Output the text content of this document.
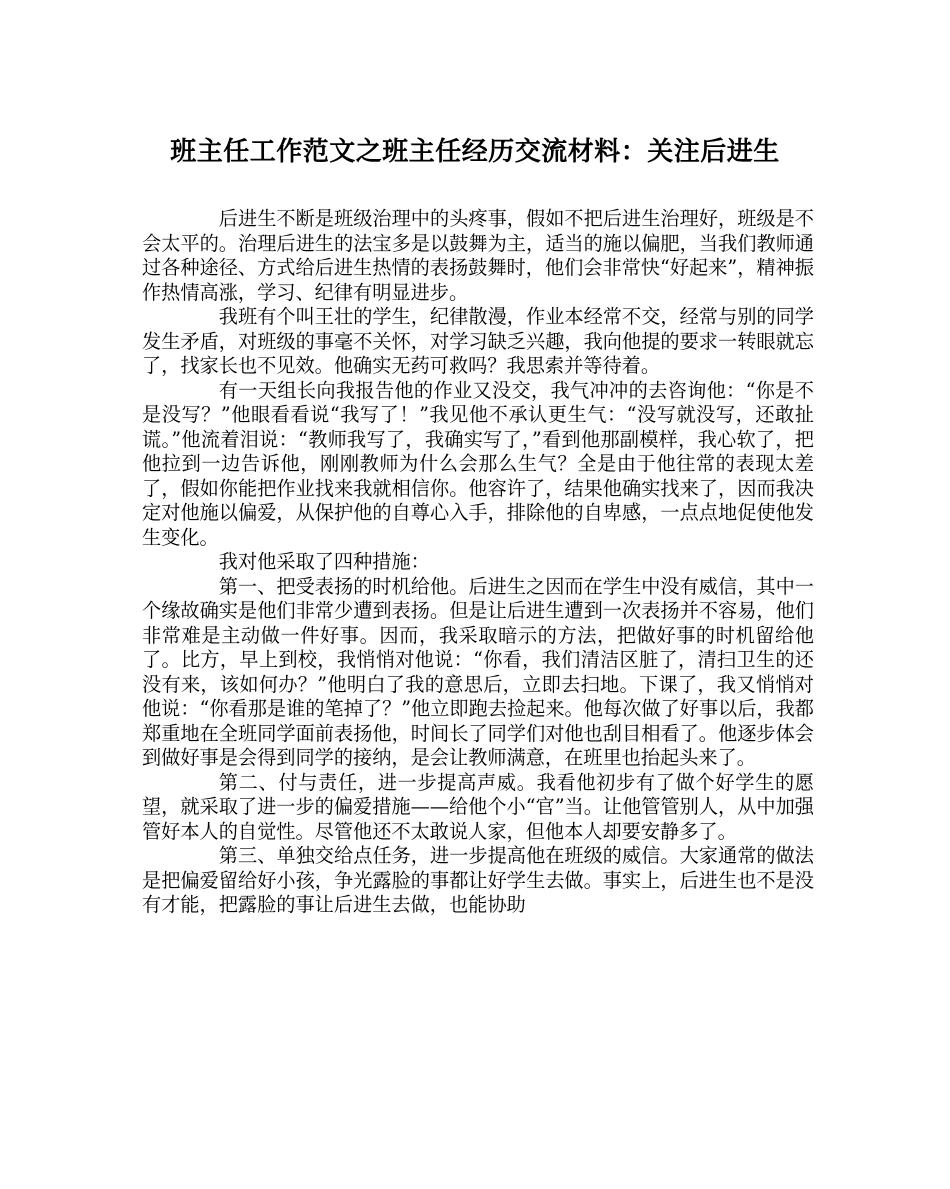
班主任工作范文之班主任经历交流材料：关注后进生

后进生不断是班级治理中的头疼事，假如不把后进生治理好，班级是不会太平的。治理后进生的法宝多是以鼓舞为主，适当的施以偏肥，当我们教师通过各种途径、方式给后进生热情的表扬鼓舞时，他们会非常快“好起来”，精神振作热情高涨，学习、纪律有明显进步。

我班有个叫王壮的学生，纪律散漫，作业本经常不交，经常与别的同学发生矛盾，对班级的事毫不关怀，对学习缺乏兴趣，我向他提的要求一转眼就忘了，找家长也不见效。他确实无药可救吗？我思索并等待着。

有一天组长向我报告他的作业又没交，我气冲冲的去咨询他：“你是不是没写？”他眼看看说“我写了！”我见他不承认更生气：“没写就没写，还敢扯谎。”他流着泪说：“教师我写了，我确实写了，”看到他那副模样，我心软了，把他拉到一边告诉他，刚刚教师为什么会那么生气？全是由于他往常的表现太差了，假如你能把作业找来我就相信你。他容许了，结果他确实找来了，因而我决定对他施以偏爱，从保护他的自尊心入手，排除他的自卑感，一点点地促使他发生变化。

我对他采取了四种措施：

第一、把受表扬的时机给他。后进生之因而在学生中没有威信，其中一个缘故确实是他们非常少遭到表扬。但是让后进生遭到一次表扬并不容易，他们非常难是主动做一件好事。因而，我采取暗示的方法，把做好事的时机留给他了。比方，早上到校，我悄悄对他说：“你看，我们清洁区脏了，清扫卫生的还没有来，该如何办？”他明白了我的意思后，立即去扫地。下课了，我又悄悄对他说：“你看那是谁的笔掉了？”他立即跑去捡起来。他每次做了好事以后，我都郑重地在全班同学面前表扬他，时间长了同学们对他也刮目相看了。他逐步体会到做好事是会得到同学的接纳，是会让教师满意，在班里也抬起头来了。

第二、付与责任，进一步提高声威。我看他初步有了做个好学生的愿望，就采取了进一步的偏爱措施——给他个小“官”当。让他管管别人，从中加强管好本人的自觉性。尽管他还不太敢说人家，但他本人却要安静多了。

第三、单独交给点任务，进一步提高他在班级的威信。大家通常的做法是把偏爱留给好小孩，争光露脸的事都让好学生去做。事实上，后进生也不是没有才能，把露脸的事让后进生去做，也能协助
